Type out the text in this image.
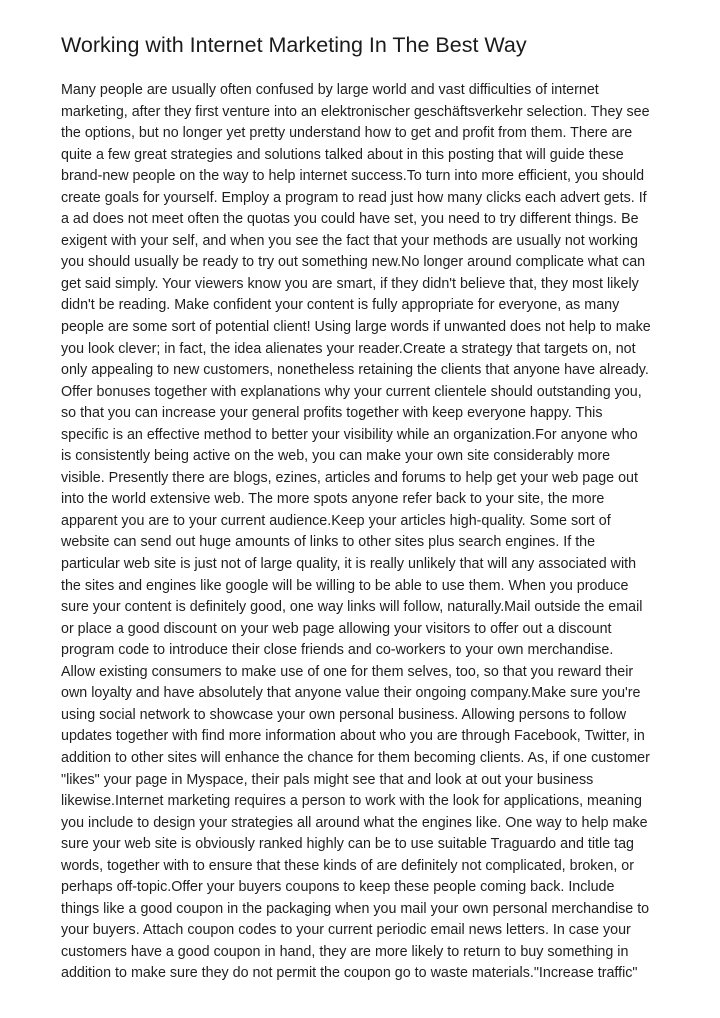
Working with Internet Marketing In The Best Way
Many people are usually often confused by large world and vast difficulties of internet
marketing, after they first venture into an elektronischer geschäftsverkehr selection. They see
the options, but no longer yet pretty understand how to get and profit from them. There are
quite a few great strategies and solutions talked about in this posting that will guide these
brand-new people on the way to help internet success.To turn into more efficient, you should
create goals for yourself. Employ a program to read just how many clicks each advert gets. If
a ad does not meet often the quotas you could have set, you need to try different things. Be
exigent with your self, and when you see the fact that your methods are usually not working
you should usually be ready to try out something new.No longer around complicate what can
get said simply. Your viewers know you are smart, if they didn't believe that, they most likely
didn't be reading. Make confident your content is fully appropriate for everyone, as many
people are some sort of potential client! Using large words if unwanted does not help to make
you look clever; in fact, the idea alienates your reader.Create a strategy that targets on, not
only appealing to new customers, nonetheless retaining the clients that anyone have already.
Offer bonuses together with explanations why your current clientele should outstanding you,
so that you can increase your general profits together with keep everyone happy. This
specific is an effective method to better your visibility while an organization.For anyone who
is consistently being active on the web, you can make your own site considerably more
visible. Presently there are blogs, ezines, articles and forums to help get your web page out
into the world extensive web. The more spots anyone refer back to your site, the more
apparent you are to your current audience.Keep your articles high-quality. Some sort of
website can send out huge amounts of links to other sites plus search engines. If the
particular web site is just not of large quality, it is really unlikely that will any associated with
the sites and engines like google will be willing to be able to use them. When you produce
sure your content is definitely good, one way links will follow, naturally.Mail outside the email
or place a good discount on your web page allowing your visitors to offer out a discount
program code to introduce their close friends and co-workers to your own merchandise.
Allow existing consumers to make use of one for them selves, too, so that you reward their
own loyalty and have absolutely that anyone value their ongoing company.Make sure you're
using social network to showcase your own personal business. Allowing persons to follow
updates together with find more information about who you are through Facebook, Twitter, in
addition to other sites will enhance the chance for them becoming clients. As, if one customer
"likes" your page in Myspace, their pals might see that and look at out your business
likewise.Internet marketing requires a person to work with the look for applications, meaning
you include to design your strategies all around what the engines like. One way to help make
sure your web site is obviously ranked highly can be to use suitable Traguardo and title tag
words, together with to ensure that these kinds of are definitely not complicated, broken, or
perhaps off-topic.Offer your buyers coupons to keep these people coming back. Include
things like a good coupon in the packaging when you mail your own personal merchandise to
your buyers. Attach coupon codes to your current periodic email news letters. In case your
customers have a good coupon in hand, they are more likely to return to buy something in
addition to make sure they do not permit the coupon go to waste materials."Increase traffic"
